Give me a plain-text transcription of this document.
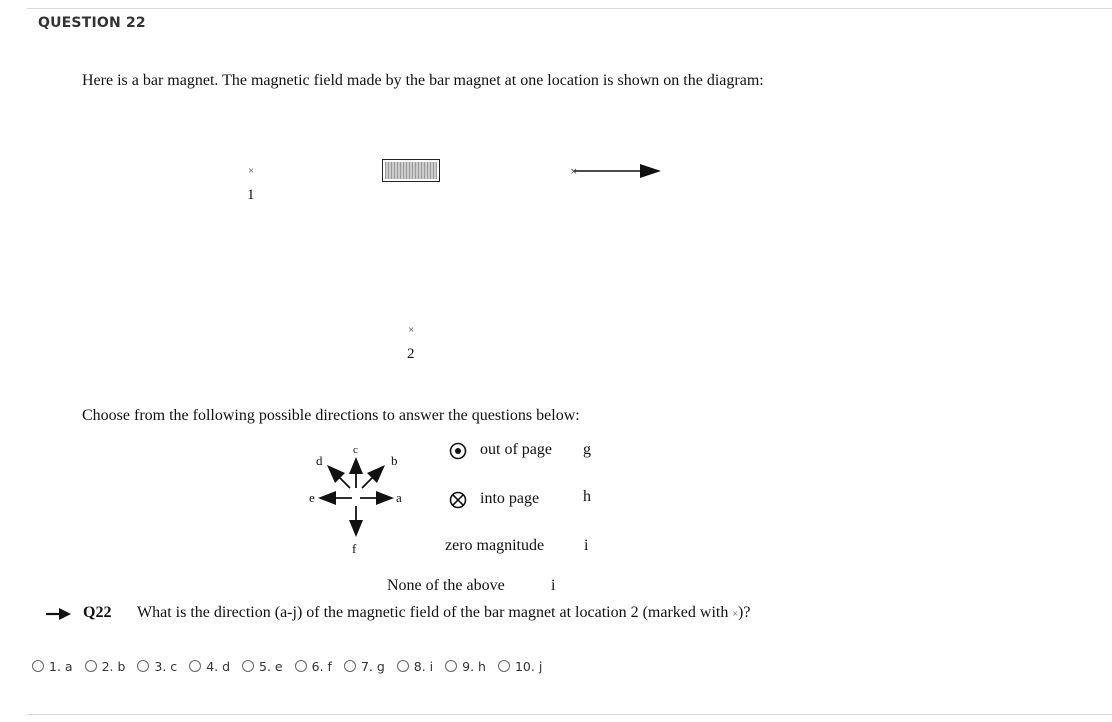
QUESTION 22
Here is a bar magnet. The magnetic field made by the bar magnet at one location is shown on the diagram:
×
1
×
×
2
Choose from the following possible directions to answer the questions below:
a
b
c
d
e
f
out of page g
into page	h
zero magnitude i
None of the above	i
Q22 What is the direction (a-j) of the magnetic field of the bar magnet at location 2 (marked with ×)?
1. a 2. b 3. c 4. d 5. e 6. f 7. g 8. i 9. h 10. j
